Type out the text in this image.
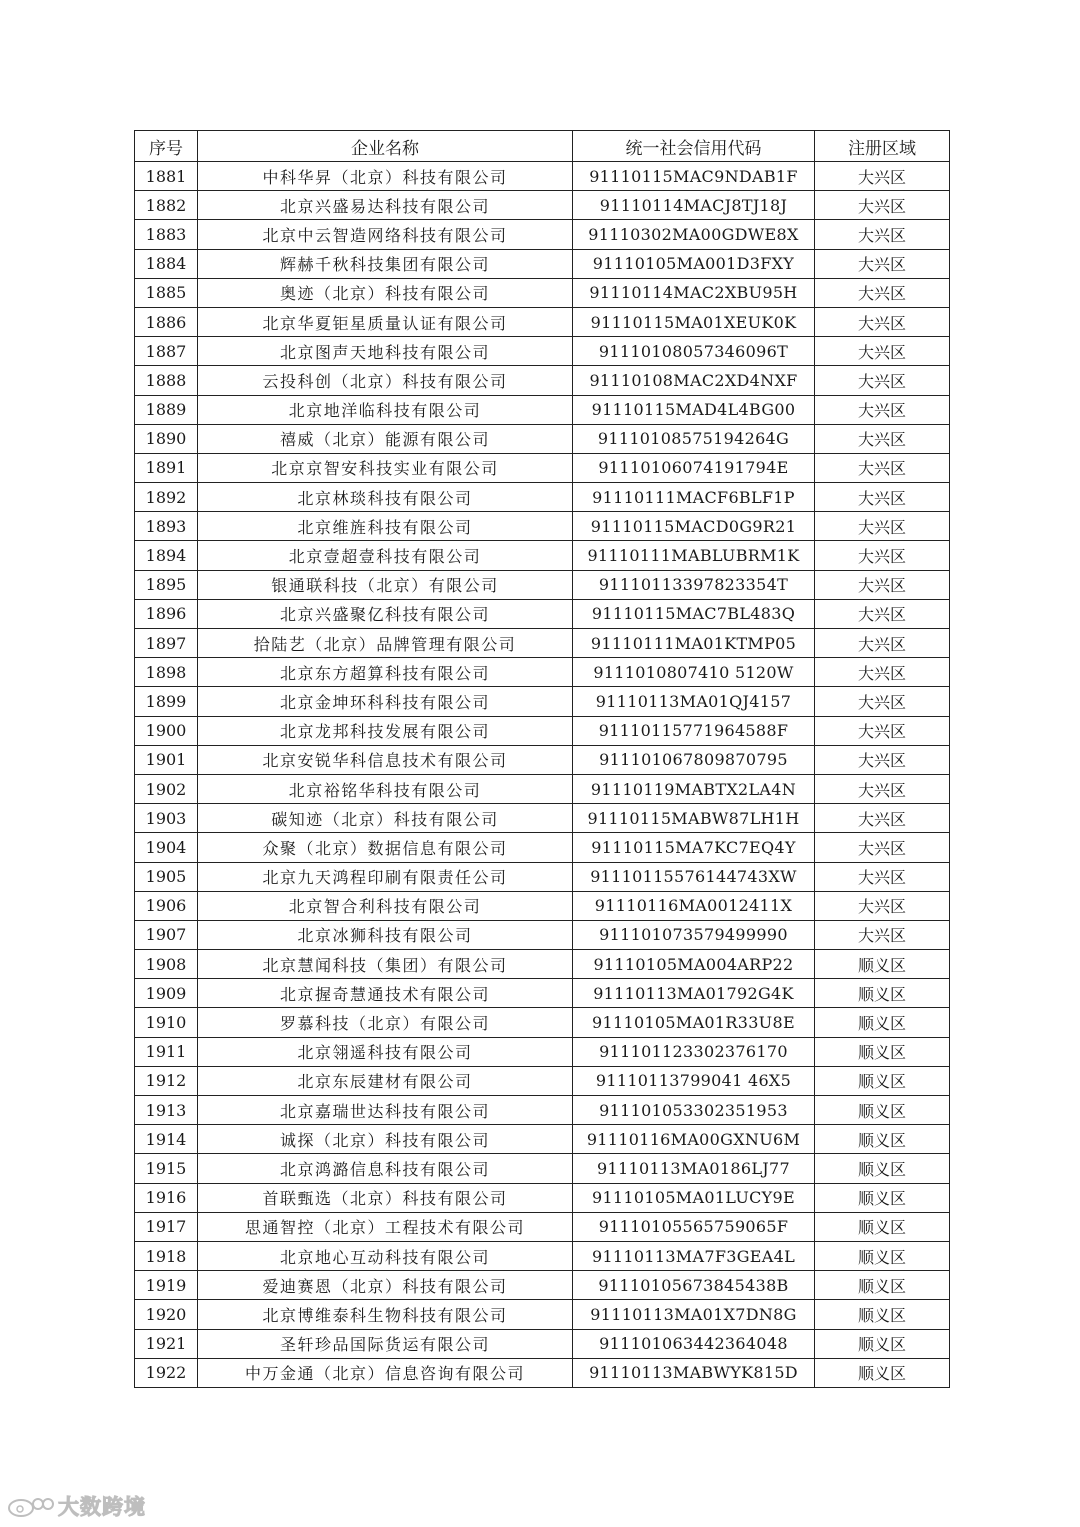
序号	企业名称	统一社会信用代码	注册区域
1881	中科华昇（北京）科技有限公司	91110115MAC9NDAB1F	大兴区
1882	北京兴盛易达科技有限公司	91110114MACJ8TJ18J	大兴区
1883	北京中云智造网络科技有限公司	91110302MA00GDWE8X	大兴区
1884	辉赫千秋科技集团有限公司	91110105MA001D3FXY	大兴区
1885	奥迹（北京）科技有限公司	91110114MAC2XBU95H	大兴区
1886	北京华夏钜星质量认证有限公司	91110115MA01XEUK0K	大兴区
1887	北京图声天地科技有限公司	91110108057346096T	大兴区
1888	云投科创（北京）科技有限公司	91110108MAC2XD4NXF	大兴区
1889	北京地洋临科技有限公司	91110115MAD4L4BG00	大兴区
1890	禧威（北京）能源有限公司	91110108575194264G	大兴区
1891	北京京智安科技实业有限公司	91110106074191794E	大兴区
1892	北京林琰科技有限公司	91110111MACF6BLF1P	大兴区
1893	北京维旌科技有限公司	91110115MACD0G9R21	大兴区
1894	北京壹超壹科技有限公司	91110111MABLUBRM1K	大兴区
1895	银通联科技（北京）有限公司	91110113397823354T	大兴区
1896	北京兴盛聚亿科技有限公司	91110115MAC7BL483Q	大兴区
1897	拾陆艺（北京）品牌管理有限公司	91110111MA01KTMP05	大兴区
1898	北京东方超算科技有限公司	9111010807410 5120W	大兴区
1899	北京金坤环科科技有限公司	91110113MA01QJ4157	大兴区
1900	北京龙邦科技发展有限公司	91110115771964588F	大兴区
1901	北京安锐华科信息技术有限公司	911101067809870795	大兴区
1902	北京裕铭华科技有限公司	91110119MABTX2LA4N	大兴区
1903	碳知迹（北京）科技有限公司	91110115MABW87LH1H	大兴区
1904	众聚（北京）数据信息有限公司	91110115MA7KC7EQ4Y	大兴区
1905	北京九天鸿程印刷有限责任公司	91110115576144743XW	大兴区
1906	北京智合利科技有限公司	91110116MA0012411X	大兴区
1907	北京冰狮科技有限公司	911101073579499990	大兴区
1908	北京慧闻科技（集团）有限公司	91110105MA004ARP22	顺义区
1909	北京握奇慧通技术有限公司	91110113MA01792G4K	顺义区
1910	罗慕科技（北京）有限公司	91110105MA01R33U8E	顺义区
1911	北京翎遥科技有限公司	911101123302376170	顺义区
1912	北京东辰建材有限公司	91110113799041 46X5	顺义区
1913	北京嘉瑞世达科技有限公司	911101053302351953	顺义区
1914	诚探（北京）科技有限公司	91110116MA00GXNU6M	顺义区
1915	北京鸿潞信息科技有限公司	91110113MA0186LJ77	顺义区
1916	首联甄选（北京）科技有限公司	91110105MA01LUCY9E	顺义区
1917	思通智控（北京）工程技术有限公司	91110105565759065F	顺义区
1918	北京地心互动科技有限公司	91110113MA7F3GEA4L	顺义区
1919	爱迪赛恩（北京）科技有限公司	91110105673845438B	顺义区
1920	北京博维泰科生物科技有限公司	91110113MA01X7DN8G	顺义区
1921	圣轩珍品国际货运有限公司	911101063442364048	顺义区
1922	中万金通（北京）信息咨询有限公司	91110113MABWYK815D	顺义区
大数跨境
